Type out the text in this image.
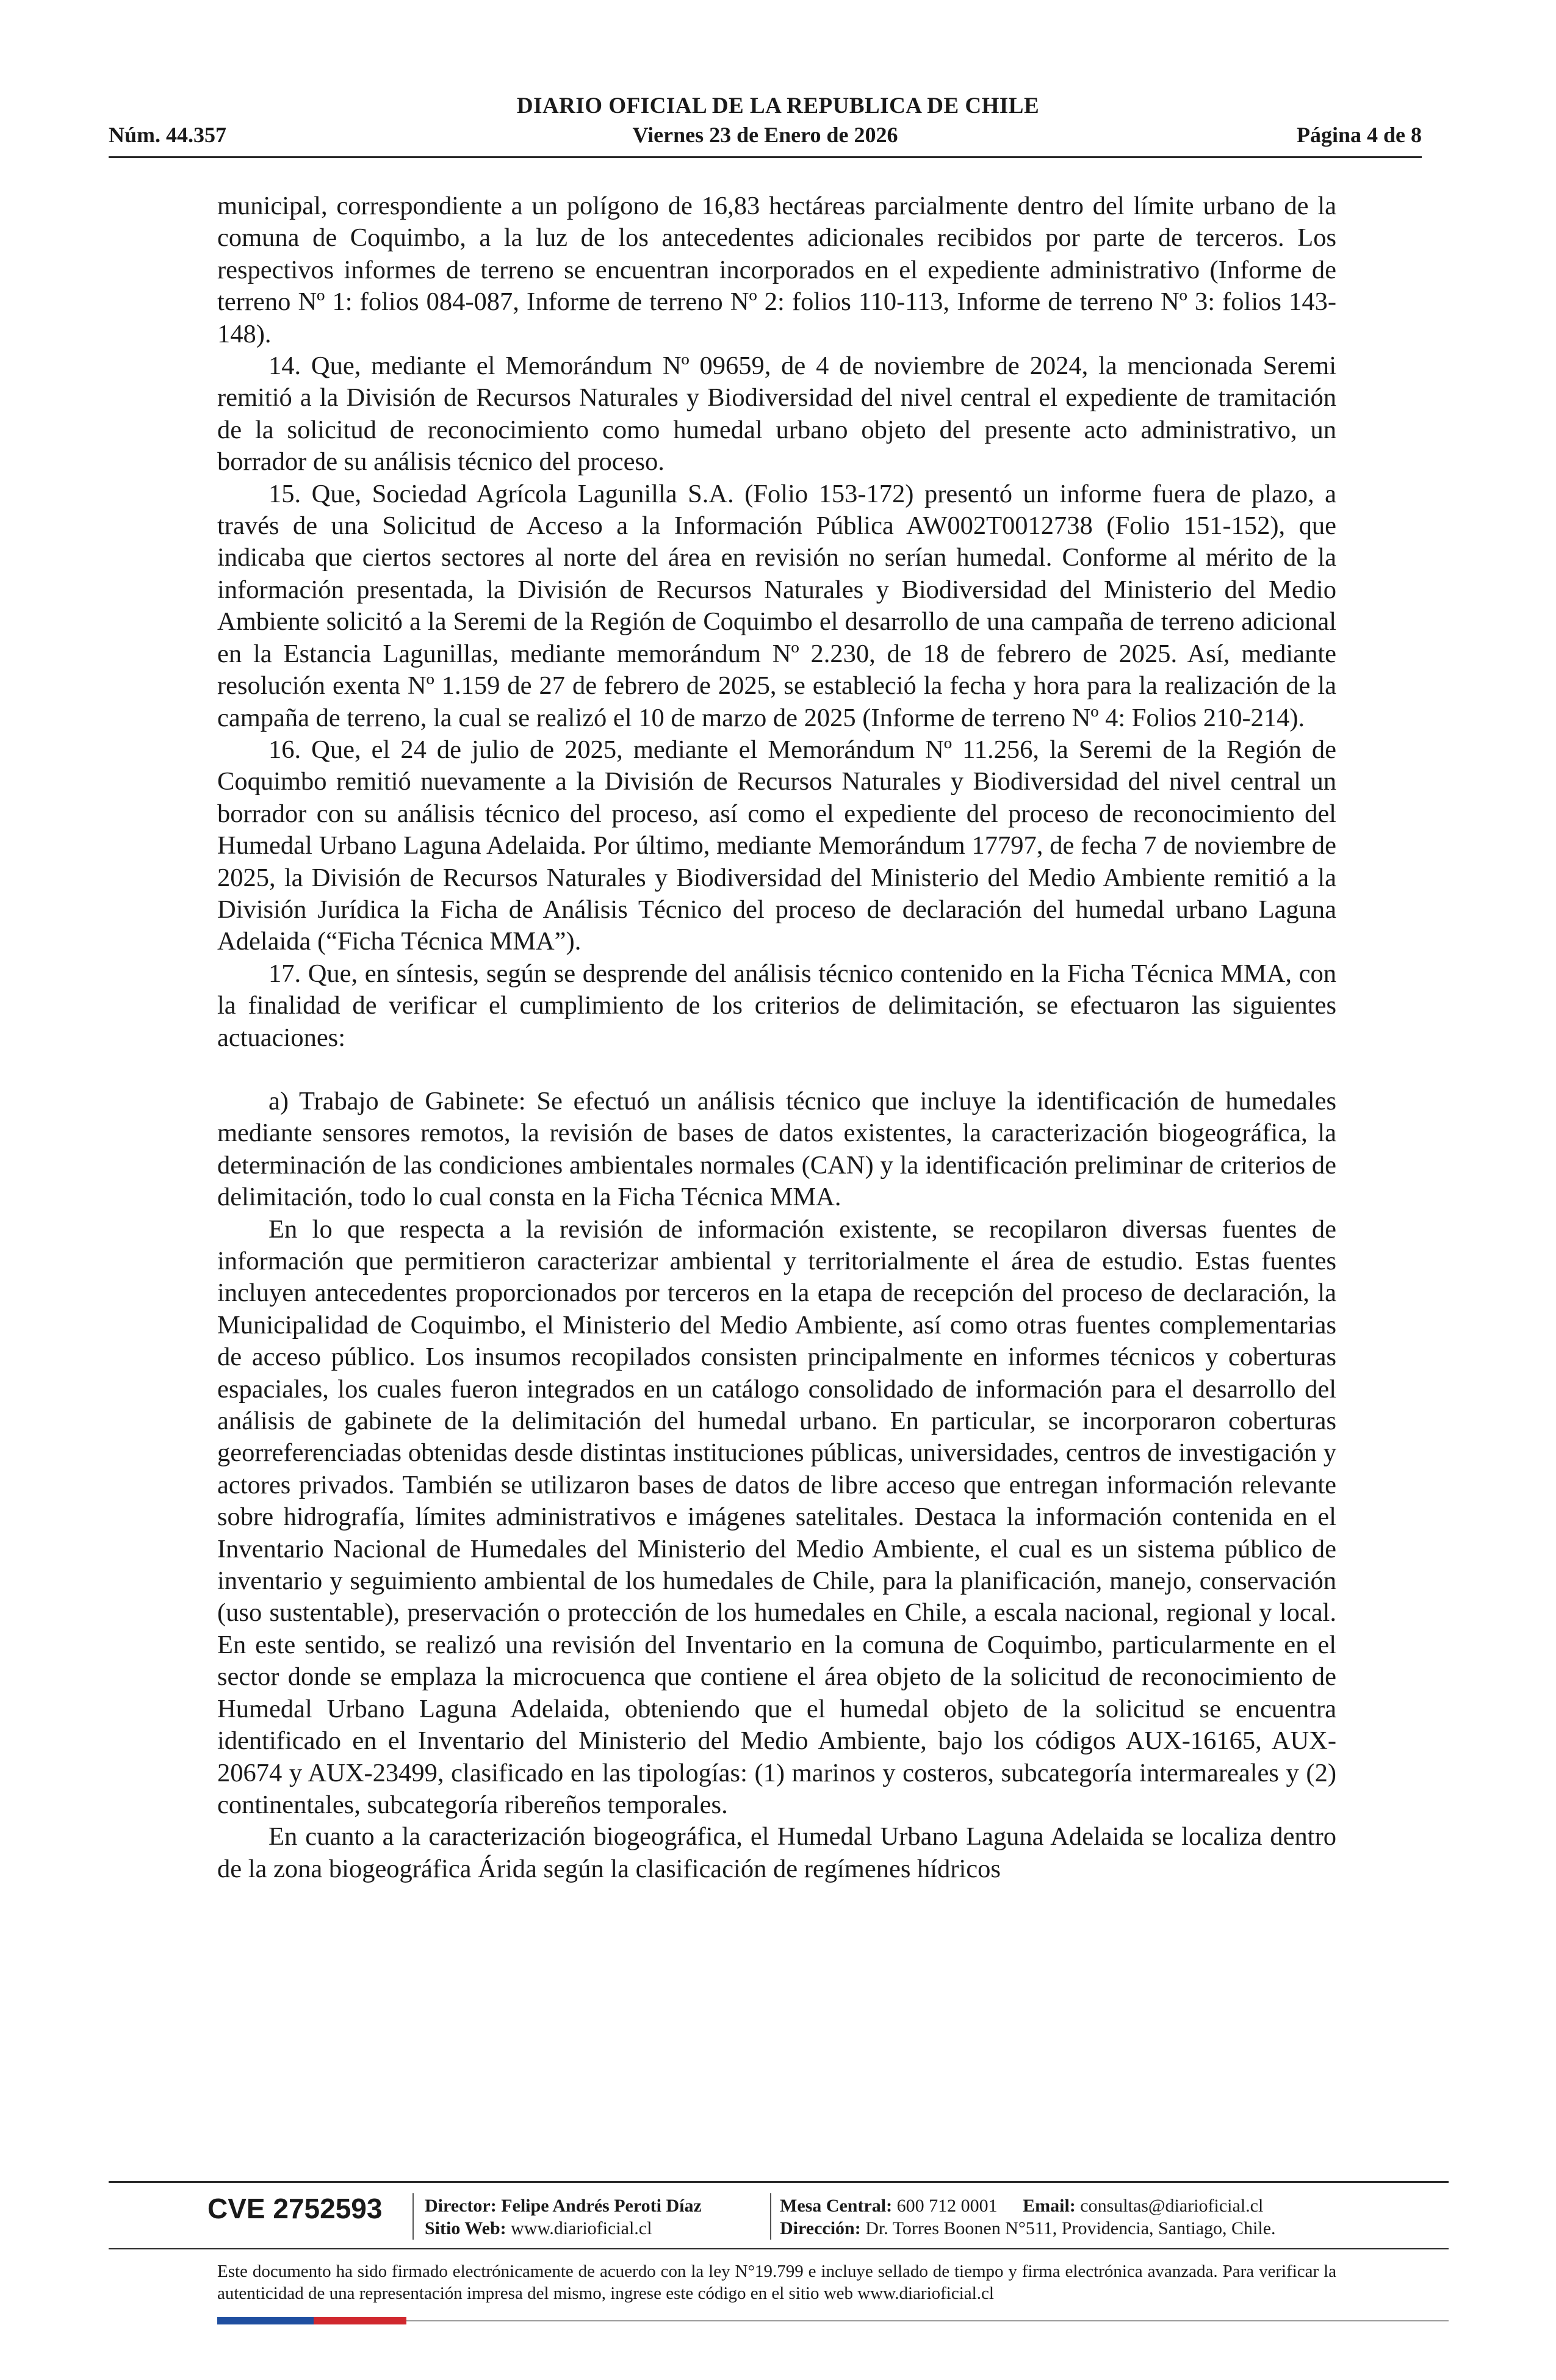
DIARIO OFICIAL DE LA REPUBLICA DE CHILE
Núm. 44.357	Viernes 23 de Enero de 2026	Página 4 de 8

municipal, correspondiente a un polígono de 16,83 hectáreas parcialmente dentro del límite urbano de la comuna de Coquimbo, a la luz de los antecedentes adicionales recibidos por parte de terceros. Los respectivos informes de terreno se encuentran incorporados en el expediente administrativo (Informe de terreno Nº 1: folios 084-087, Informe de terreno Nº 2: folios 110-113, Informe de terreno Nº 3: folios 143-148).

14. Que, mediante el Memorándum Nº 09659, de 4 de noviembre de 2024, la mencionada Seremi remitió a la División de Recursos Naturales y Biodiversidad del nivel central el expediente de tramitación de la solicitud de reconocimiento como humedal urbano objeto del presente acto administrativo, un borrador de su análisis técnico del proceso.

15. Que, Sociedad Agrícola Lagunilla S.A. (Folio 153-172) presentó un informe fuera de plazo, a través de una Solicitud de Acceso a la Información Pública AW002T0012738 (Folio 151-152), que indicaba que ciertos sectores al norte del área en revisión no serían humedal. Conforme al mérito de la información presentada, la División de Recursos Naturales y Biodiversidad del Ministerio del Medio Ambiente solicitó a la Seremi de la Región de Coquimbo el desarrollo de una campaña de terreno adicional en la Estancia Lagunillas, mediante memorándum Nº 2.230, de 18 de febrero de 2025. Así, mediante resolución exenta Nº 1.159 de 27 de febrero de 2025, se estableció la fecha y hora para la realización de la campaña de terreno, la cual se realizó el 10 de marzo de 2025 (Informe de terreno Nº 4: Folios 210-214).

16. Que, el 24 de julio de 2025, mediante el Memorándum Nº 11.256, la Seremi de la Región de Coquimbo remitió nuevamente a la División de Recursos Naturales y Biodiversidad del nivel central un borrador con su análisis técnico del proceso, así como el expediente del proceso de reconocimiento del Humedal Urbano Laguna Adelaida. Por último, mediante Memorándum 17797, de fecha 7 de noviembre de 2025, la División de Recursos Naturales y Biodiversidad del Ministerio del Medio Ambiente remitió a la División Jurídica la Ficha de Análisis Técnico del proceso de declaración del humedal urbano Laguna Adelaida (“Ficha Técnica MMA”).

17. Que, en síntesis, según se desprende del análisis técnico contenido en la Ficha Técnica MMA, con la finalidad de verificar el cumplimiento de los criterios de delimitación, se efectuaron las siguientes actuaciones:

a) Trabajo de Gabinete: Se efectuó un análisis técnico que incluye la identificación de humedales mediante sensores remotos, la revisión de bases de datos existentes, la caracterización biogeográfica, la determinación de las condiciones ambientales normales (CAN) y la identificación preliminar de criterios de delimitación, todo lo cual consta en la Ficha Técnica MMA.

En lo que respecta a la revisión de información existente, se recopilaron diversas fuentes de información que permitieron caracterizar ambiental y territorialmente el área de estudio. Estas fuentes incluyen antecedentes proporcionados por terceros en la etapa de recepción del proceso de declaración, la Municipalidad de Coquimbo, el Ministerio del Medio Ambiente, así como otras fuentes complementarias de acceso público. Los insumos recopilados consisten principalmente en informes técnicos y coberturas espaciales, los cuales fueron integrados en un catálogo consolidado de información para el desarrollo del análisis de gabinete de la delimitación del humedal urbano. En particular, se incorporaron coberturas georreferenciadas obtenidas desde distintas instituciones públicas, universidades, centros de investigación y actores privados. También se utilizaron bases de datos de libre acceso que entregan información relevante sobre hidrografía, límites administrativos e imágenes satelitales. Destaca la información contenida en el Inventario Nacional de Humedales del Ministerio del Medio Ambiente, el cual es un sistema público de inventario y seguimiento ambiental de los humedales de Chile, para la planificación, manejo, conservación (uso sustentable), preservación o protección de los humedales en Chile, a escala nacional, regional y local. En este sentido, se realizó una revisión del Inventario en la comuna de Coquimbo, particularmente en el sector donde se emplaza la microcuenca que contiene el área objeto de la solicitud de reconocimiento de Humedal Urbano Laguna Adelaida, obteniendo que el humedal objeto de la solicitud se encuentra identificado en el Inventario del Ministerio del Medio Ambiente, bajo los códigos AUX-16165, AUX-20674 y AUX-23499, clasificado en las tipologías: (1) marinos y costeros, subcategoría intermareales y (2) continentales, subcategoría ribereños temporales.

En cuanto a la caracterización biogeográfica, el Humedal Urbano Laguna Adelaida se localiza dentro de la zona biogeográfica Árida según la clasificación de regímenes hídricos

CVE 2752593	Director: Felipe Andrés Peroti Díaz
Sitio Web: www.diarioficial.cl
Mesa Central: 600 712 0001 Email: consultas@diarioficial.cl
Dirección: Dr. Torres Boonen N°511, Providencia, Santiago, Chile.
Este documento ha sido firmado electrónicamente de acuerdo con la ley N°19.799 e incluye sellado de tiempo y firma electrónica avanzada. Para verificar la autenticidad de una representación impresa del mismo, ingrese este código en el sitio web www.diarioficial.cl
